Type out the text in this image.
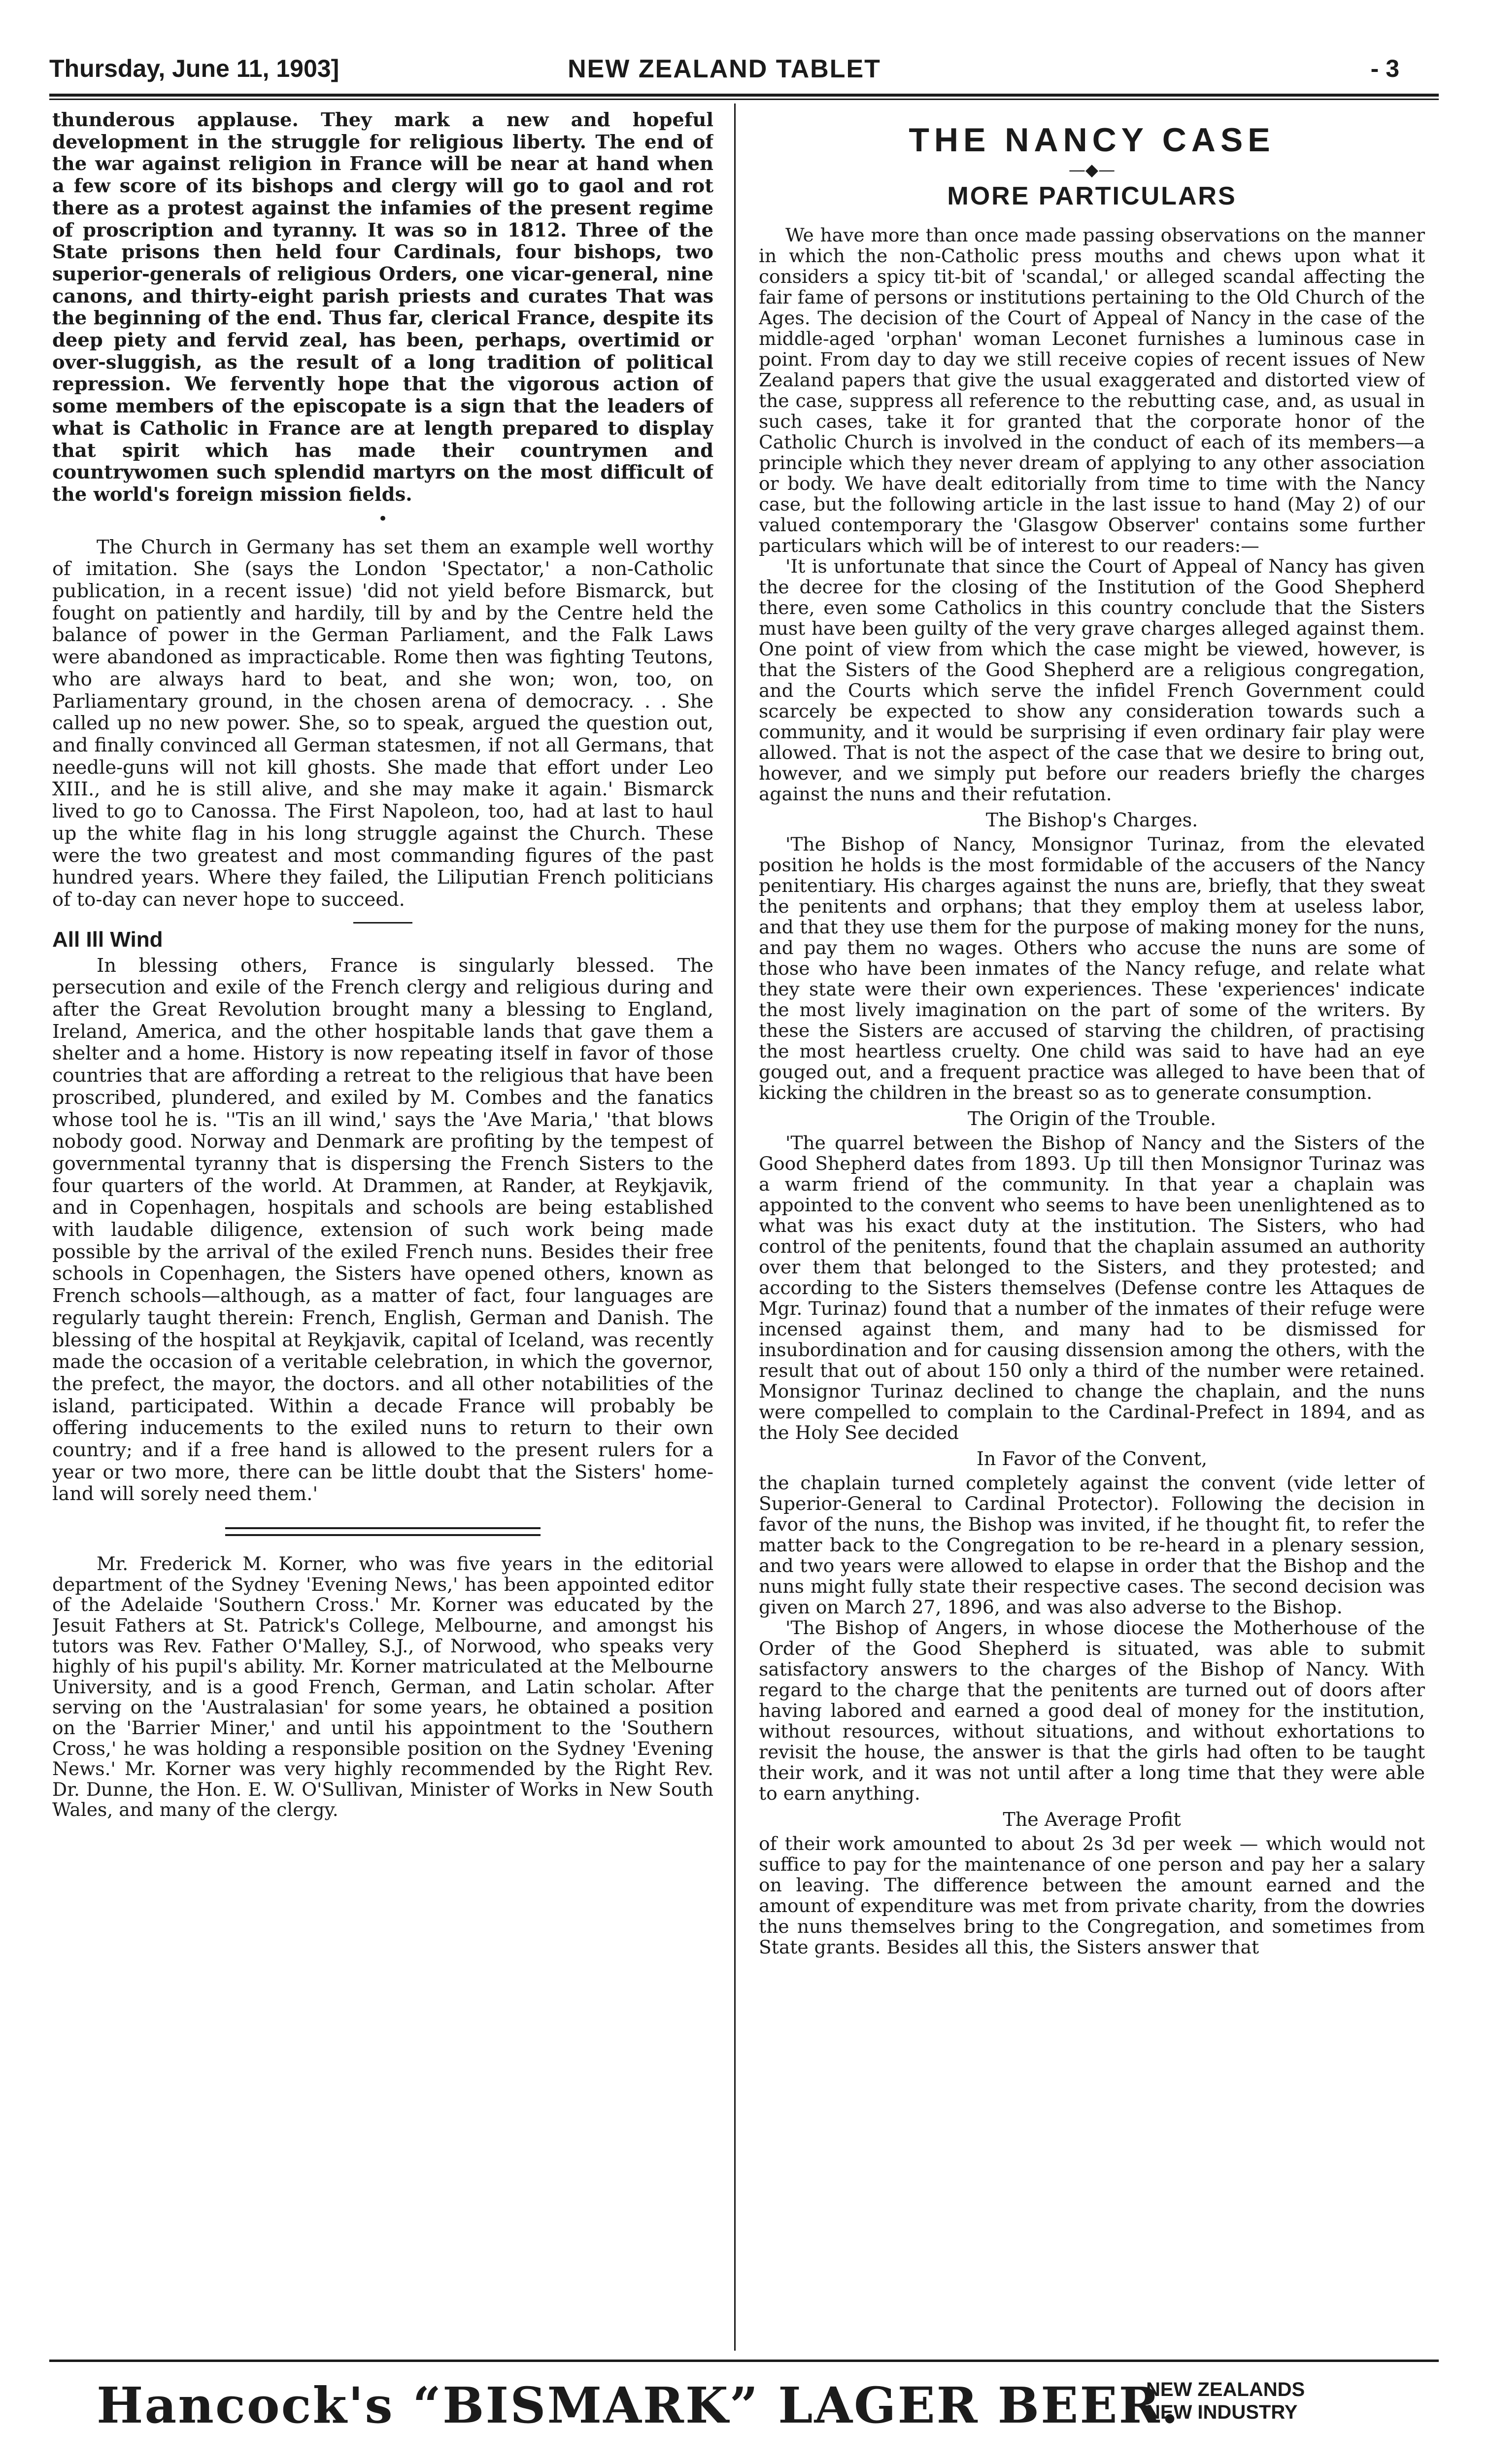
Thursday, June 11, 1903]	NEW ZEALAND TABLET	- 3

thunderous applause. They mark a new and hopeful development in the struggle for religious liberty. The end of the war against religion in France will be near at hand when a few score of its bishops and clergy will go to gaol and rot there as a protest against the infamies of the present regime of proscription and tyranny. It was so in 1812. Three of the State prisons then held four Cardinals, four bishops, two superior-generals of religious Orders, one vicar-general, nine canons, and thirty-eight parish priests and curates That was the beginning of the end. Thus far, clerical France, despite its deep piety and fervid zeal, has been, perhaps, overtimid or over-sluggish, as the result of a long tradition of political repression. We fervently hope that the vigorous action of some members of the episcopate is a sign that the leaders of what is Catholic in France are at length prepared to display that spirit which has made their countrymen and countrywomen such splendid martyrs on the most difficult of the world's foreign mission fields.

•

The Church in Germany has set them an example well worthy of imitation. She (says the London 'Spectator,' a non-Catholic publication, in a recent issue) 'did not yield before Bismarck, but fought on patiently and hardily, till by and by the Centre held the balance of power in the German Parliament, and the Falk Laws were abandoned as impracticable. Rome then was fighting Teutons, who are always hard to beat, and she won; won, too, on Parliamentary ground, in the chosen arena of democracy. . . She called up no new power. She, so to speak, argued the question out, and finally convinced all German statesmen, if not all Germans, that needle-guns will not kill ghosts. She made that effort under Leo XIII., and he is still alive, and she may make it again.' Bismarck lived to go to Canossa. The First Napoleon, too, had at last to haul up the white flag in his long struggle against the Church. These were the two greatest and most commanding figures of the past hundred years. Where they failed, the Liliputian French politicians of to-day can never hope to succeed.

All Ill Wind

In blessing others, France is singularly blessed. The persecution and exile of the French clergy and religious during and after the Great Revolution brought many a blessing to England, Ireland, America, and the other hospitable lands that gave them a shelter and a home. History is now repeating itself in favor of those countries that are affording a retreat to the religious that have been proscribed, plundered, and exiled by M. Combes and the fanatics whose tool he is. ''Tis an ill wind,' says the 'Ave Maria,' 'that blows nobody good. Norway and Denmark are profiting by the tempest of governmental tyranny that is dispersing the French Sisters to the four quarters of the world. At Drammen, at Rander, at Reykjavik, and in Copenhagen, hospitals and schools are being established with laudable diligence, extension of such work being made possible by the arrival of the exiled French nuns. Besides their free schools in Copenhagen, the Sisters have opened others, known as French schools—although, as a matter of fact, four languages are regularly taught therein: French, English, German and Danish. The blessing of the hospital at Reykjavik, capital of Iceland, was recently made the occasion of a veritable celebration, in which the governor, the prefect, the mayor, the doctors. and all other notabilities of the island, participated. Within a decade France will probably be offering inducements to the exiled nuns to return to their own country; and if a free hand is allowed to the present rulers for a year or two more, there can be little doubt that the Sisters' home-land will sorely need them.'

Mr. Frederick M. Korner, who was five years in the editorial department of the Sydney 'Evening News,' has been appointed editor of the Adelaide 'Southern Cross.' Mr. Korner was educated by the Jesuit Fathers at St. Patrick's College, Melbourne, and amongst his tutors was Rev. Father O'Malley, S.J., of Norwood, who speaks very highly of his pupil's ability. Mr. Korner matriculated at the Melbourne University, and is a good French, German, and Latin scholar. After serving on the 'Australasian' for some years, he obtained a position on the 'Barrier Miner,' and until his appointment to the 'Southern Cross,' he was holding a responsible position on the Sydney 'Evening News.' Mr. Korner was very highly recommended by the Right Rev. Dr. Dunne, the Hon. E. W. O'Sullivan, Minister of Works in New South Wales, and many of the clergy.

THE NANCY CASE
—◆—
MORE PARTICULARS

We have more than once made passing observations on the manner in which the non-Catholic press mouths and chews upon what it considers a spicy tit-bit of 'scandal,' or alleged scandal affecting the fair fame of persons or institutions pertaining to the Old Church of the Ages. The decision of the Court of Appeal of Nancy in the case of the middle-aged 'orphan' woman Leconet furnishes a luminous case in point. From day to day we still receive copies of recent issues of New Zealand papers that give the usual exaggerated and distorted view of the case, suppress all reference to the rebutting case, and, as usual in such cases, take it for granted that the corporate honor of the Catholic Church is involved in the conduct of each of its members—a principle which they never dream of applying to any other association or body. We have dealt editorially from time to time with the Nancy case, but the following article in the last issue to hand (May 2) of our valued contemporary the 'Glasgow Observer' contains some further particulars which will be of interest to our readers:—

'It is unfortunate that since the Court of Appeal of Nancy has given the decree for the closing of the Institution of the Good Shepherd there, even some Catholics in this country conclude that the Sisters must have been guilty of the very grave charges alleged against them. One point of view from which the case might be viewed, however, is that the Sisters of the Good Shepherd are a religious congregation, and the Courts which serve the infidel French Government could scarcely be expected to show any consideration towards such a community, and it would be surprising if even ordinary fair play were allowed. That is not the aspect of the case that we desire to bring out, however, and we simply put before our readers briefly the charges against the nuns and their refutation.

The Bishop's Charges.

'The Bishop of Nancy, Monsignor Turinaz, from the elevated position he holds is the most formidable of the accusers of the Nancy penitentiary. His charges against the nuns are, briefly, that they sweat the penitents and orphans; that they employ them at useless labor, and that they use them for the purpose of making money for the nuns, and pay them no wages. Others who accuse the nuns are some of those who have been inmates of the Nancy refuge, and relate what they state were their own experiences. These 'experiences' indicate the most lively imagination on the part of some of the writers. By these the Sisters are accused of starving the children, of practising the most heartless cruelty. One child was said to have had an eye gouged out, and a frequent practice was alleged to have been that of kicking the children in the breast so as to generate consumption.

The Origin of the Trouble.

'The quarrel between the Bishop of Nancy and the Sisters of the Good Shepherd dates from 1893. Up till then Monsignor Turinaz was a warm friend of the community. In that year a chaplain was appointed to the convent who seems to have been unenlightened as to what was his exact duty at the institution. The Sisters, who had control of the penitents, found that the chaplain assumed an authority over them that belonged to the Sisters, and they protested; and according to the Sisters themselves (Defense contre les Attaques de Mgr. Turinaz) found that a number of the inmates of their refuge were incensed against them, and many had to be dismissed for insubordination and for causing dissension among the others, with the result that out of about 150 only a third of the number were retained. Monsignor Turinaz declined to change the chaplain, and the nuns were compelled to complain to the Cardinal-Prefect in 1894, and as the Holy See decided

In Favor of the Convent,

the chaplain turned completely against the convent (vide letter of Superior-General to Cardinal Protector). Following the decision in favor of the nuns, the Bishop was invited, if he thought fit, to refer the matter back to the Congregation to be re-heard in a plenary session, and two years were allowed to elapse in order that the Bishop and the nuns might fully state their respective cases. The second decision was given on March 27, 1896, and was also adverse to the Bishop.

'The Bishop of Angers, in whose diocese the Motherhouse of the Order of the Good Shepherd is situated, was able to submit satisfactory answers to the charges of the Bishop of Nancy. With regard to the charge that the penitents are turned out of doors after having labored and earned a good deal of money for the institution, without resources, without situations, and without exhortations to revisit the house, the answer is that the girls had often to be taught their work, and it was not until after a long time that they were able to earn anything.

The Average Profit

of their work amounted to about 2s 3d per week — which would not suffice to pay for the maintenance of one person and pay her a salary on leaving. The difference between the amount earned and the amount of expenditure was met from private charity, from the dowries the nuns themselves bring to the Congregation, and sometimes from State grants. Besides all this, the Sisters answer that

Hancock's “BISMARK” LAGER BEER.
NEW ZEALANDS
NEW INDUSTRY
